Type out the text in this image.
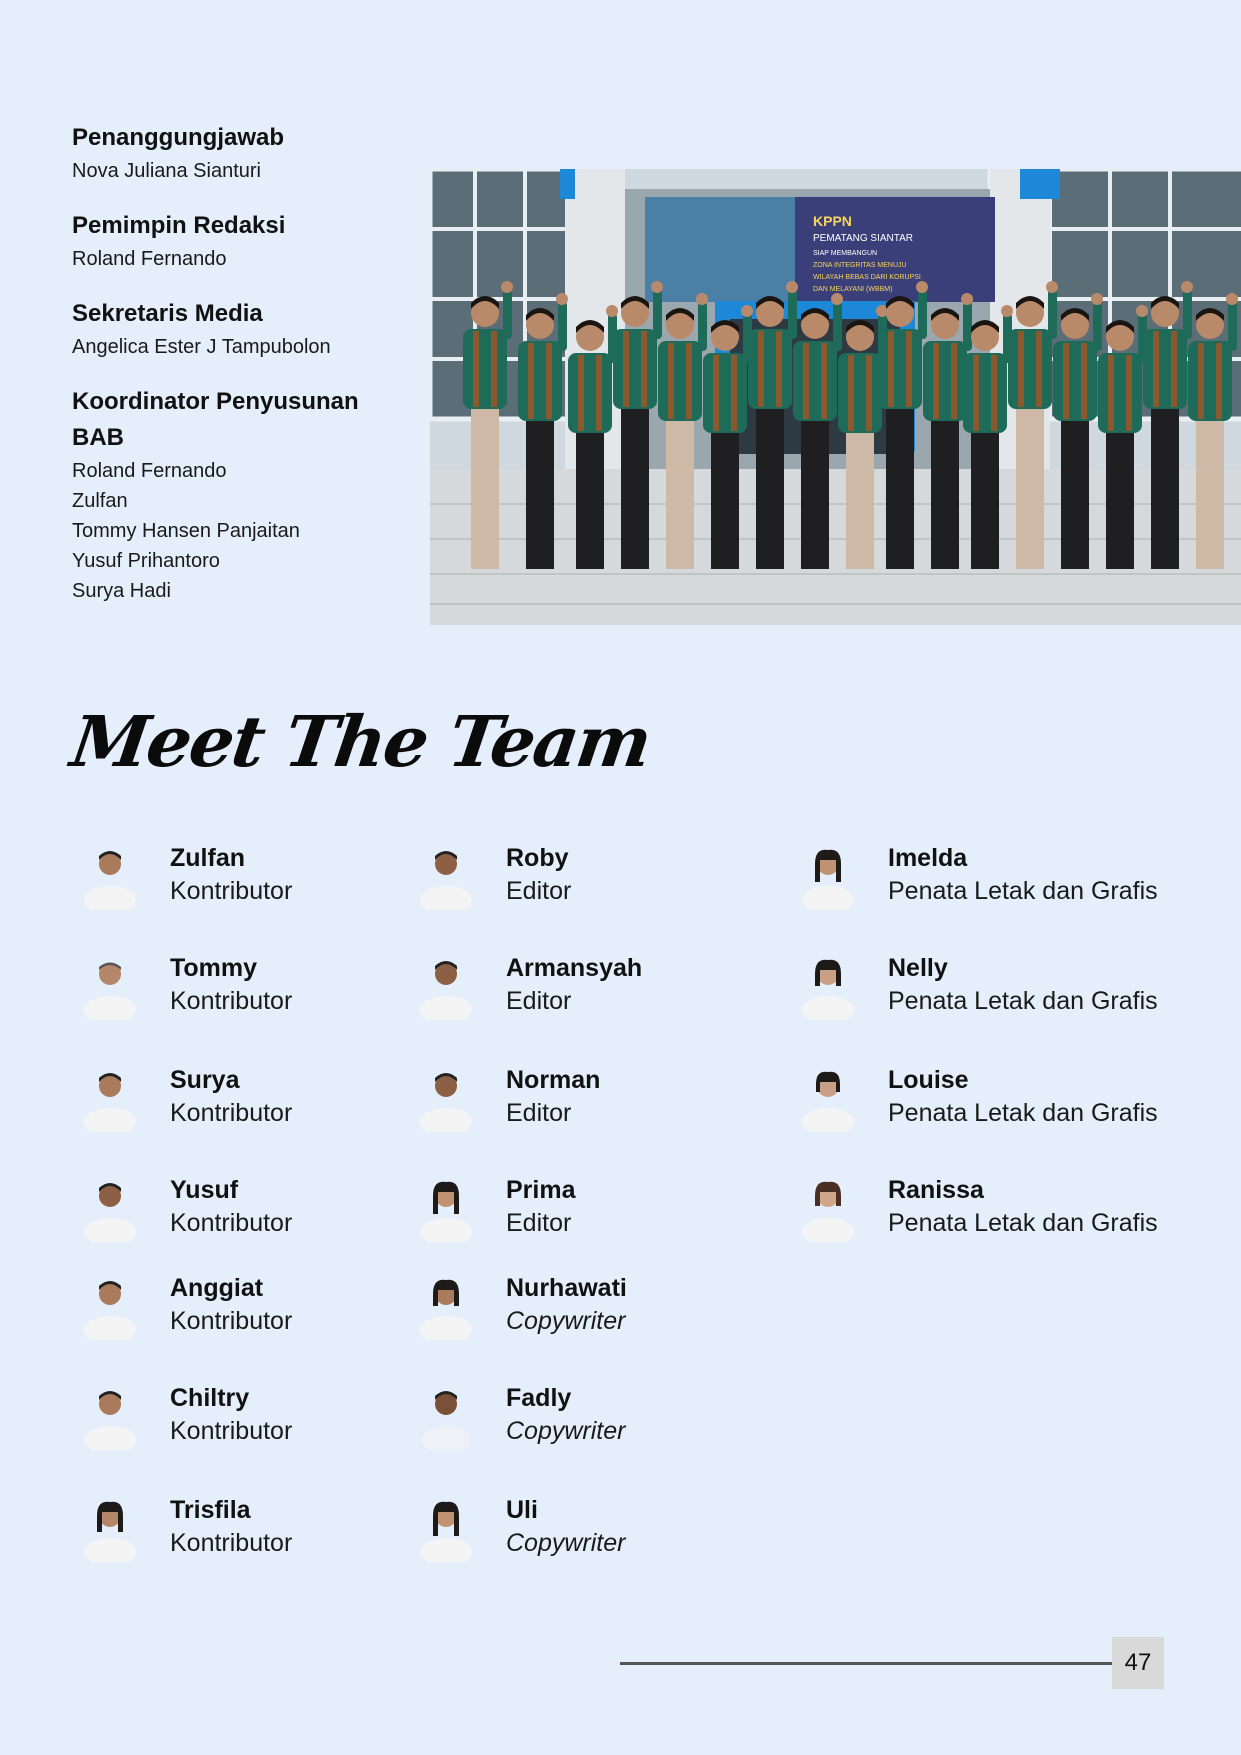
Penanggungjawab
Nova Juliana Sianturi
Pemimpin Redaksi
Roland Fernando
Sekretaris Media
Angelica Ester J Tampubolon
Koordinator Penyusunan BAB
Roland Fernando
Zulfan
Tommy Hansen Panjaitan
Yusuf Prihantoro
Surya Hadi
KPPN
PEMATANG SIANTAR
SIAP MEMBANGUN
ZONA INTEGRITAS MENUJU
WILAYAH BEBAS DARI KORUPSI
DAN MELAYANI (WBBM)
Meet The Team
Zulfan
Kontributor
Tommy
Kontributor
Surya
Kontributor
Yusuf
Kontributor
Anggiat
Kontributor
Chiltry
Kontributor
Trisfila
Kontributor
Roby
Editor
Armansyah
Editor
Norman
Editor
Prima
Editor
Nurhawati
Copywriter
Fadly
Copywriter
Uli
Copywriter
Imelda
Penata Letak dan Grafis
Nelly
Penata Letak dan Grafis
Louise
Penata Letak dan Grafis
Ranissa
Penata Letak dan Grafis
47
